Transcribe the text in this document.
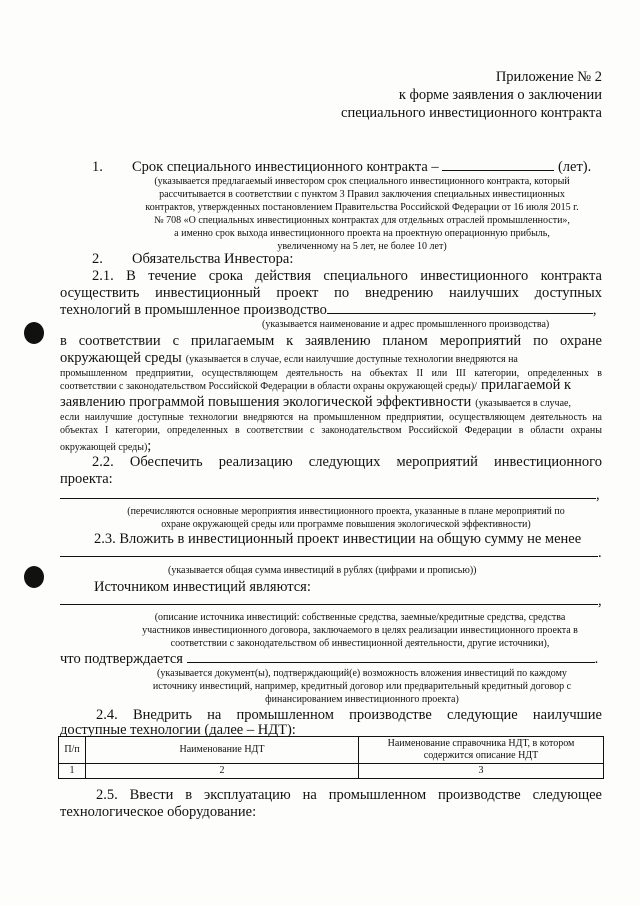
Приложение № 2
к форме заявления о заключении
специального инвестиционного контракта
1. Срок специального инвестиционного контракта –	(лет).
(указывается предлагаемый инвестором срок специального инвестиционного контракта, который
рассчитывается в соответствии с пунктом 3 Правил заключения специальных инвестиционных
контрактов, утвержденных постановлением Правительства Российской Федерации от 16 июля 2015 г.
№ 708 «О специальных инвестиционных контрактах для отдельных отраслей промышленности»,
а именно срок выхода инвестиционного проекта на проектную операционную прибыль,
увеличенному на 5 лет, не более 10 лет)
2. Обязательства Инвестора:
2.1. В течение срока действия специального инвестиционного контракта
осуществить инвестиционный проект по внедрению наилучших доступных
технологий в промышленное производство	,
(указывается наименование и адрес промышленного производства)
в соответствии с прилагаемым к заявлению планом мероприятий по охране
окружающей среды (указывается в случае, если наилучшие доступные технологии внедряются на
промышленном предприятии, осуществляющем деятельность на объектах II или III категории, определенных в
соответствии с законодательством Российской Федерации в области охраны окружающей среды)/ прилагаемой к
заявлению программой повышения экологической эффективности (указывается в случае,
если наилучшие доступные технологии внедряются на промышленном предприятии, осуществляющем деятельность на
объектах I категории, определенных в соответствии с законодательством Российской Федерации в области охраны
окружающей среды);
2.2. Обеспечить реализацию следующих мероприятий инвестиционного
проекта:
,
(перечисляются основные мероприятия инвестиционного проекта, указанные в плане мероприятий по
охране окружающей среды или программе повышения экологической эффективности)
2.3. Вложить в инвестиционный проект инвестиции на общую сумму не менее
.
(указывается общая сумма инвестиций в рублях (цифрами и прописью))
Источником инвестиций являются:
,
(описание источника инвестиций: собственные средства, заемные/кредитные средства, средства
участников инвестиционного договора, заключаемого в целях реализации инвестиционного проекта в
соответствии с законодательством об инвестиционной деятельности, другие источники),
что подтверждается	.
(указывается документ(ы), подтверждающий(е) возможность вложения инвестиций по каждому
источнику инвестиций, например, кредитный договор или предварительный кредитный договор с
финансированием инвестиционного проекта)
2.4. Внедрить на промышленном производстве следующие наилучшие
доступные технологии (далее – НДТ):
П/п	Наименование НДТ	Наименование справочника НДТ, в котором содержится описание НДТ
1	2	3
2.5. Ввести в эксплуатацию на промышленном производстве следующее
технологическое оборудование:
